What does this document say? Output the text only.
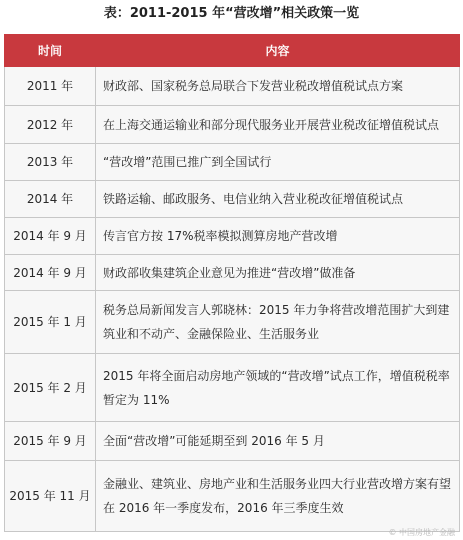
表：2011-2015 年“营改增”相关政策一览
时间	内容
2011 年	财政部、国家税务总局联合下发营业税改增值税试点方案
2012 年	在上海交通运输业和部分现代服务业开展营业税改征增值税试点
2013 年	“营改增”范围已推广到全国试行
2014 年	铁路运输、邮政服务、电信业纳入营业税改征增值税试点
2014 年 9 月	传言官方按 17%税率模拟测算房地产营改增
2014 年 9 月	财政部收集建筑企业意见为推进“营改增”做准备
2015 年 1 月	税务总局新闻发言人郭晓林：2015 年力争将营改增范围扩大到建筑业和不动产、金融保险业、生活服务业
2015 年 2 月	2015 年将全面启动房地产领域的“营改增”试点工作，增值税税率暂定为 11%
2015 年 9 月	全面“营改增”可能延期至到 2016 年 5 月
2015 年 11 月	金融业、建筑业、房地产业和生活服务业四大行业营改增方案有望在 2016 年一季度发布，2016 年三季度生效
© 中国房地产金融
